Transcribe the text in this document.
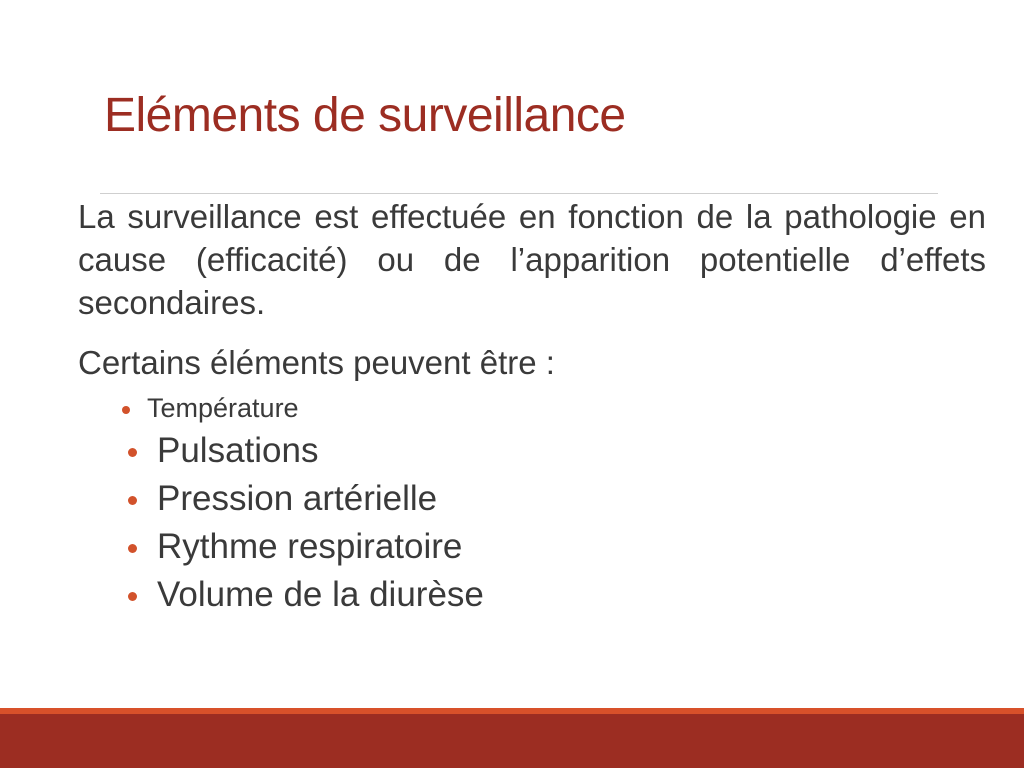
Eléments de surveillance

La surveillance est effectuée en fonction de la pathologie en cause (efficacité) ou de l’apparition potentielle d’effets secondaires.

Certains éléments peuvent être :

Température
Pulsations
Pression artérielle
Rythme respiratoire
Volume de la diurèse
